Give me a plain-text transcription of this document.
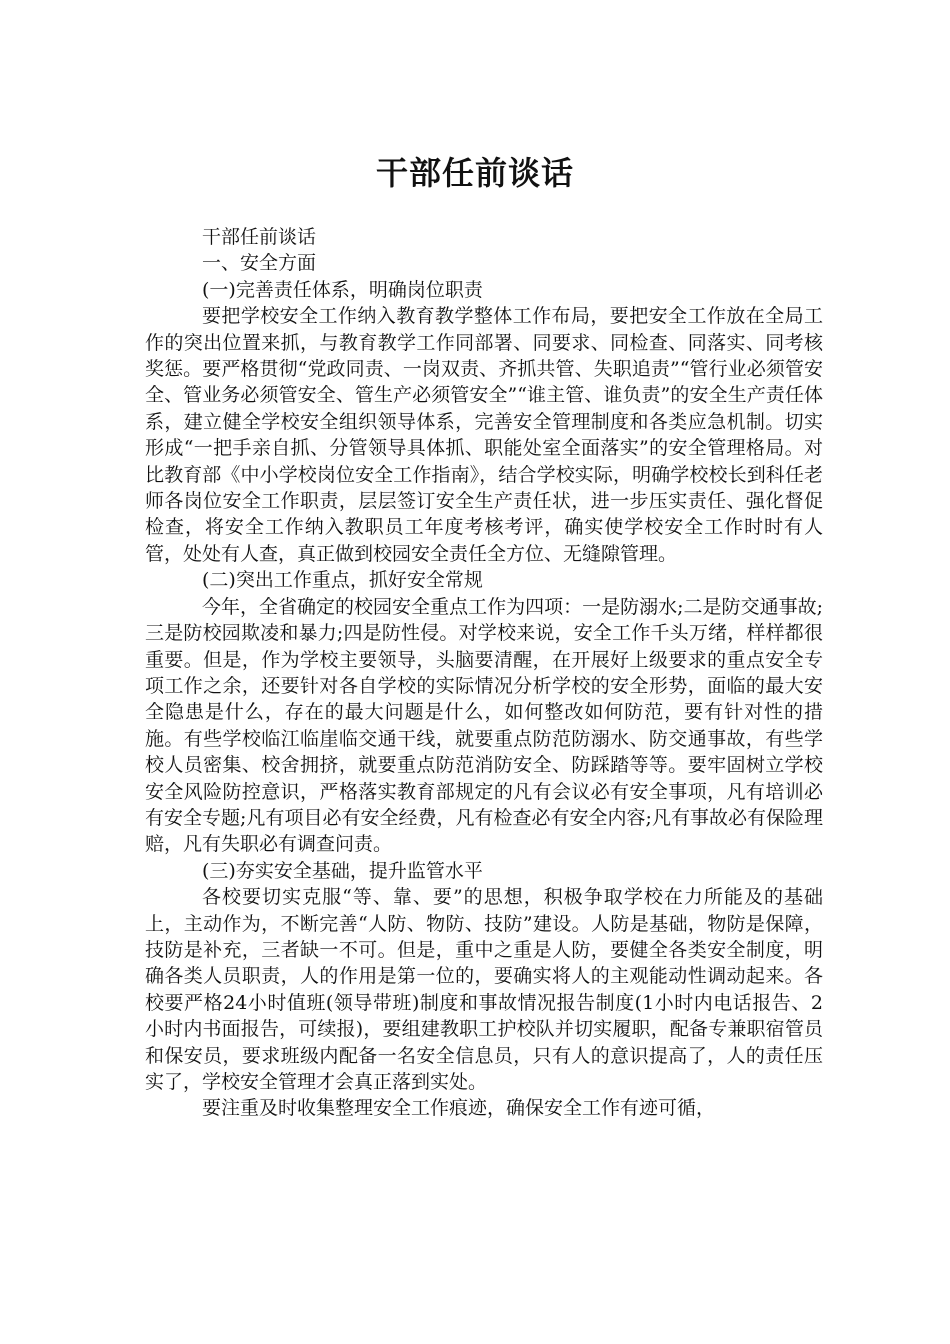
干部任前谈话

干部任前谈话

一、安全方面

(一)完善责任体系，明确岗位职责

要把学校安全工作纳入教育教学整体工作布局，要把安全工作放在全局工作的突出位置来抓，与教育教学工作同部署、同要求、同检查、同落实、同考核奖惩。要严格贯彻“党政同责、一岗双责、齐抓共管、失职追责”“管行业必须管安全、管业务必须管安全、管生产必须管安全”“谁主管、谁负责”的安全生产责任体系，建立健全学校安全组织领导体系，完善安全管理制度和各类应急机制。切实形成“一把手亲自抓、分管领导具体抓、职能处室全面落实”的安全管理格局。对比教育部《中小学校岗位安全工作指南》，结合学校实际，明确学校校长到科任老师各岗位安全工作职责，层层签订安全生产责任状，进一步压实责任、强化督促检查，将安全工作纳入教职员工年度考核考评，确实使学校安全工作时时有人管，处处有人查，真正做到校园安全责任全方位、无缝隙管理。

(二)突出工作重点，抓好安全常规

今年，全省确定的校园安全重点工作为四项：一是防溺水;二是防交通事故;三是防校园欺凌和暴力;四是防性侵。对学校来说，安全工作千头万绪，样样都很重要。但是，作为学校主要领导，头脑要清醒，在开展好上级要求的重点安全专项工作之余，还要针对各自学校的实际情况分析学校的安全形势，面临的最大安全隐患是什么，存在的最大问题是什么，如何整改如何防范，要有针对性的措施。有些学校临江临崖临交通干线，就要重点防范防溺水、防交通事故，有些学校人员密集、校舍拥挤，就要重点防范消防安全、防踩踏等等。要牢固树立学校安全风险防控意识，严格落实教育部规定的凡有会议必有安全事项，凡有培训必有安全专题;凡有项目必有安全经费，凡有检查必有安全内容;凡有事故必有保险理赔，凡有失职必有调查问责。

(三)夯实安全基础，提升监管水平

各校要切实克服“等、靠、要”的思想，积极争取学校在力所能及的基础上，主动作为，不断完善“人防、物防、技防”建设。人防是基础，物防是保障，技防是补充，三者缺一不可。但是，重中之重是人防，要健全各类安全制度，明确各类人员职责，人的作用是第一位的，要确实将人的主观能动性调动起来。各校要严格24小时值班(领导带班)制度和事故情况报告制度(1小时内电话报告、2小时内书面报告，可续报)，要组建教职工护校队并切实履职，配备专兼职宿管员和保安员，要求班级内配备一名安全信息员，只有人的意识提高了，人的责任压实了，学校安全管理才会真正落到实处。

要注重及时收集整理安全工作痕迹，确保安全工作有迹可循，
